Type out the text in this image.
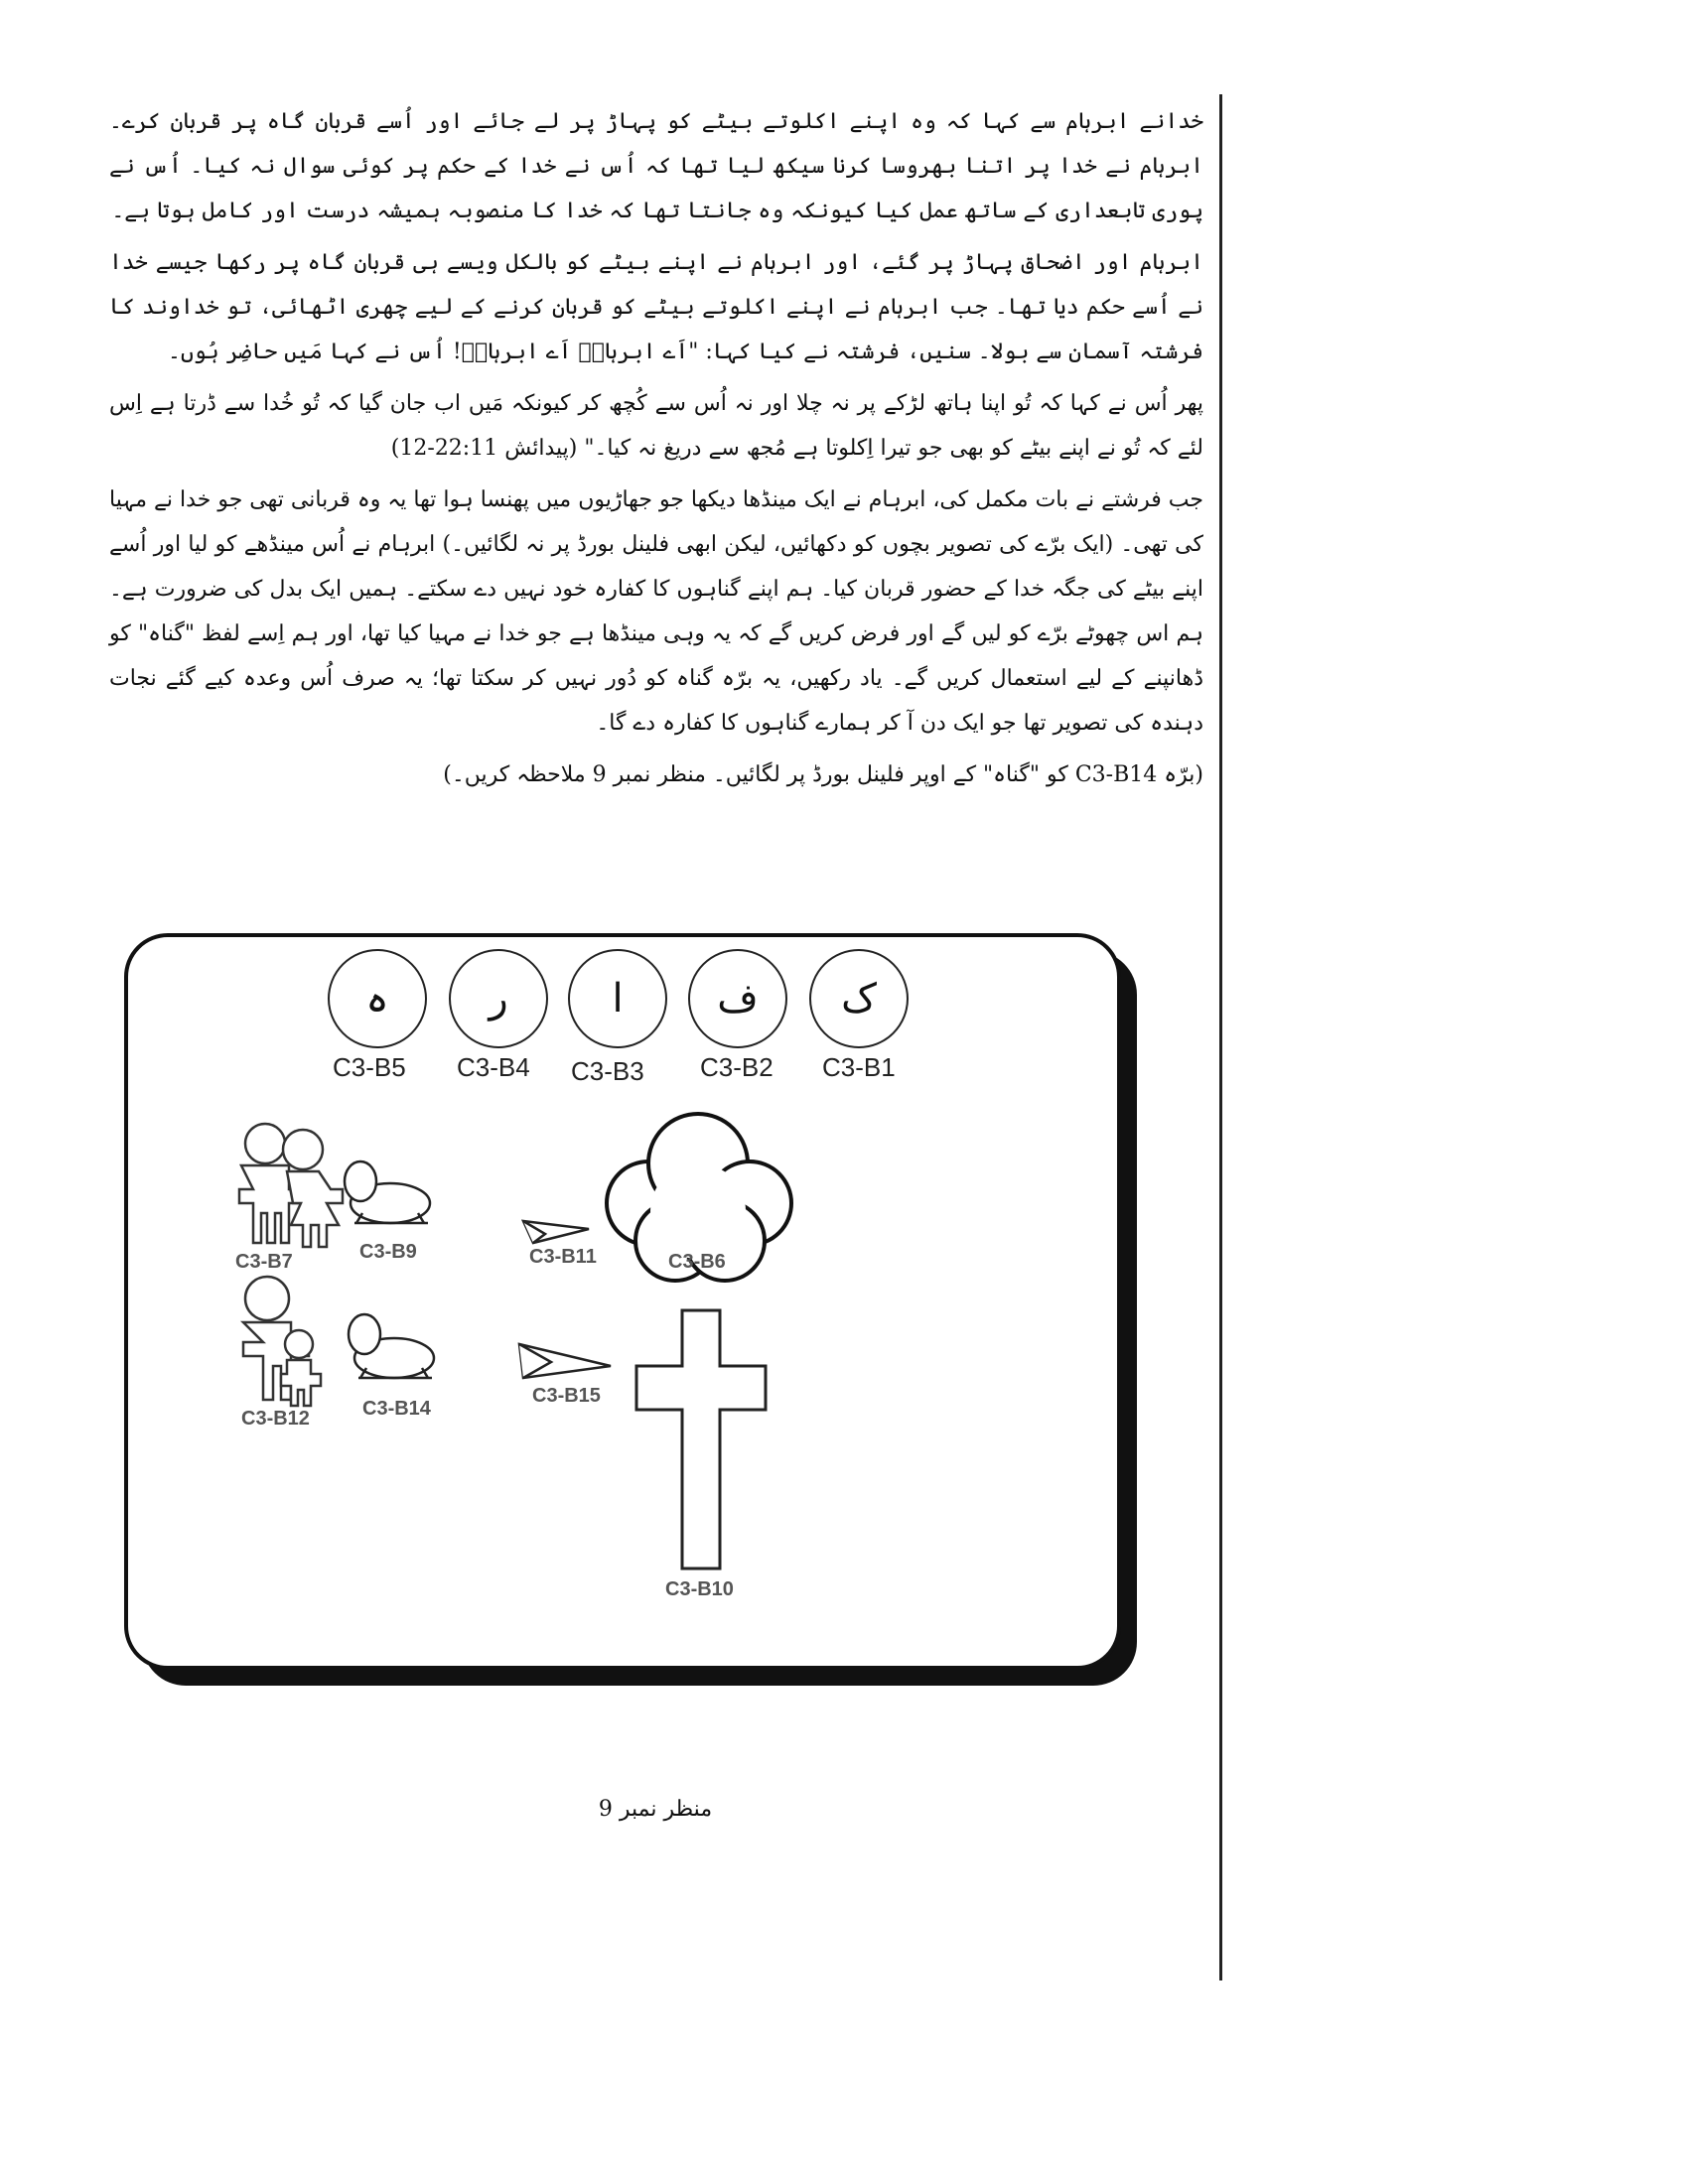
خدانے ابرہام سے کہا کہ وہ اپنے اکلوتے بیٹے کو پہاڑ پر لے جائے اور اُسے قربان گاہ پر قربان کرے۔ ابرہام نے خدا پر اتنا بھروسا کرنا سیکھ لیا تھا کہ اُس نے خدا کے حکم پر کوئی سوال نہ کیا۔ اُس نے پوری تابعداری کے ساتھ عمل کیا کیونکہ وہ جانتا تھا کہ خدا کا منصوبہ ہمیشہ درست اور کامل ہوتا ہے۔

ابرہام اور اضحاق پہاڑ پر گئے، اور ابرہام نے اپنے بیٹے کو بالکل ویسے ہی قربان گاہ پر رکھا جیسے خدا نے اُسے حکم دیا تھا۔ جب ابرہام نے اپنے اکلوتے بیٹے کو قربان کرنے کے لیے چھری اٹھائی، تو خداوند کا فرشتہ آسمان سے بولا۔ سنیں، فرشتہ نے کیا کہا: "اَے ابرہامؔ اَے ابرہامؔ! اُس نے کہا مَیں حاضِر ہُوں۔

پھر اُس نے کہا کہ تُو اپنا ہاتھ لڑکے پر نہ چلا اور نہ اُس سے کُچھ کر کیونکہ مَیں اب جان گیا کہ تُو خُدا سے ڈرتا ہے اِس لئے کہ تُو نے اپنے بیٹے کو بھی جو تیرا اِکلوتا ہے مُجھ سے دریغ نہ کیا۔" (پیدائش 22:11-12)

جب فرشتے نے بات مکمل کی، ابرہام نے ایک مینڈھا دیکھا جو جھاڑیوں میں پھنسا ہوا تھا یہ وہ قربانی تھی جو خدا نے مہیا کی تھی۔ (ایک برّے کی تصویر بچوں کو دکھائیں، لیکن ابھی فلینل بورڈ پر نہ لگائیں۔) ابرہام نے اُس مینڈھے کو لیا اور اُسے اپنے بیٹے کی جگہ خدا کے حضور قربان کیا۔ ہم اپنے گناہوں کا کفارہ خود نہیں دے سکتے۔ ہمیں ایک بدل کی ضرورت ہے۔ ہم اس چھوٹے برّے کو لیں گے اور فرض کریں گے کہ یہ وہی مینڈھا ہے جو خدا نے مہیا کیا تھا، اور ہم اِسے لفظ "گناہ" کو ڈھانپنے کے لیے استعمال کریں گے۔ یاد رکھیں، یہ برّہ گناہ کو دُور نہیں کر سکتا تھا؛ یہ صرف اُس وعدہ کیے گئے نجات دہندہ کی تصویر تھا جو ایک دن آ کر ہمارے گناہوں کا کفارہ دے گا۔

(برّہ C3-B14 کو "گناہ" کے اوپر فلینل بورڈ پر لگائیں۔ منظر نمبر 9 ملاحظہ کریں۔)

ک
C3-B1
ف
C3-B2
ا
C3-B3
ر
C3-B4
ہ
C3-B5
C3-B7	C3-B9	C3-B11	C3-B6
C3-B12	C3-B14
C3-B15
C3-B10
منظر نمبر 9
